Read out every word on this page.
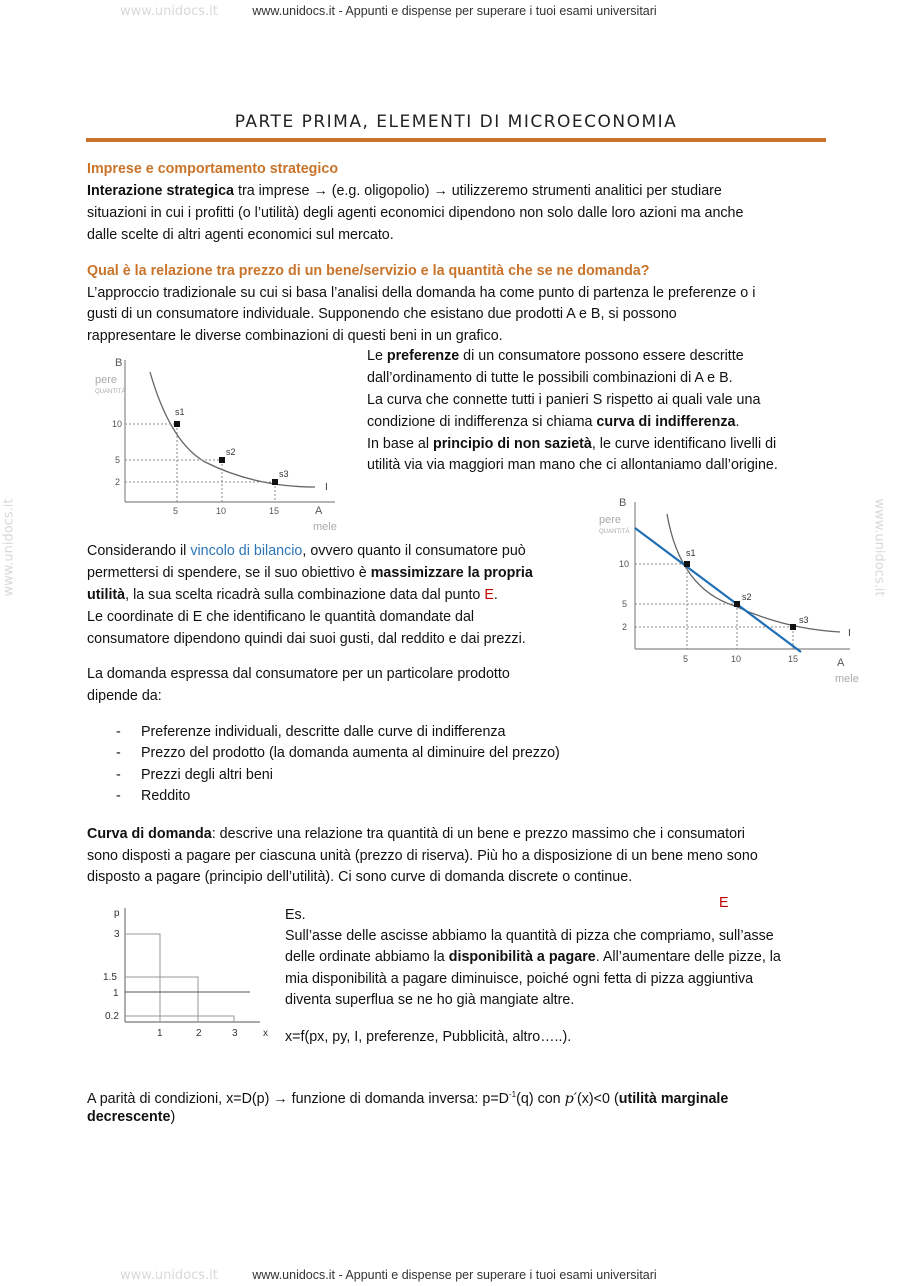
www.unidocs.it - Appunti e dispense per superare i tuoi esami universitari
www.unidocs.it - Appunti e dispense per superare i tuoi esami universitari
www.unidocs.it
www.unidocs.it
www.unidocs.it	www.unidocs.it
PARTE PRIMA, ELEMENTI DI MICROECONOMIA
Imprese e comportamento strategico
Interazione strategica tra imprese → (e.g. oligopolio) → utilizzeremo strumenti analitici per studiare
situazioni in cui i profitti (o l’utilità) degli agenti economici dipendono non solo dalle loro azioni ma anche
dalle scelte di altri agenti economici sul mercato.
Qual è la relazione tra prezzo di un bene/servizio e la quantità che se ne domanda?
L’approccio tradizionale su cui si basa l’analisi della domanda ha come punto di partenza le preferenze o i
gusti di un consumatore individuale. Supponendo che esistano due prodotti A e B, si possono
rappresentare le diverse combinazioni di questi beni in un grafico.
B
pere
QUANTITÀ
10
5
2
5	10	15
s1
s2
s3
I
A
mele
Le preferenze di un consumatore possono essere descritte
dall’ordinamento di tutte le possibili combinazioni di A e B.
La curva che connette tutti i panieri S rispetto ai quali vale una
condizione di indifferenza si chiama curva di indifferenza.
In base al principio di non sazietà, le curve identificano livelli di
utilità via via maggiori man mano che ci allontaniamo dall’origine.
B
pere
QUANTITÀ
10
5
2
5	10	15
s1
s2
s3
I
A
mele
Considerando il vincolo di bilancio, ovvero quanto il consumatore può
permettersi di spendere, se il suo obiettivo è massimizzare la propria
utilità, la sua scelta ricadrà sulla combinazione data dal punto E.
Le coordinate di E che identificano le quantità domandate dal
consumatore dipendono quindi dai suoi gusti, dal reddito e dai prezzi.
La domanda espressa dal consumatore per un particolare prodotto
dipende da:
- Preferenze individuali, descritte dalle curve di indifferenza
- Prezzo del prodotto (la domanda aumenta al diminuire del prezzo)
- Prezzi degli altri beni
- Reddito
Curva di domanda: descrive una relazione tra quantità di un bene e prezzo massimo che i consumatori
sono disposti a pagare per ciascuna unità (prezzo di riserva). Più ho a disposizione di un bene meno sono
disposto a pagare (principio dell’utilità). Ci sono curve di domanda discrete o continue.
E
p
3
1.5
1
0.2
1	2	3	x
Es.
Sull’asse delle ascisse abbiamo la quantità di pizza che compriamo, sull’asse
delle ordinate abbiamo la disponibilità a pagare. All’aumentare delle pizze, la
mia disponibilità a pagare diminuisce, poiché ogni fetta di pizza aggiuntiva
diventa superflua se ne ho già mangiate altre.
x=f(px, py, I, preferenze, Pubblicità, altro…..).
A parità di condizioni, x=D(p) → funzione di domanda inversa: $p=D^{-1}(q)$ con p′(x)<0 (utilità marginale
decrescente)
